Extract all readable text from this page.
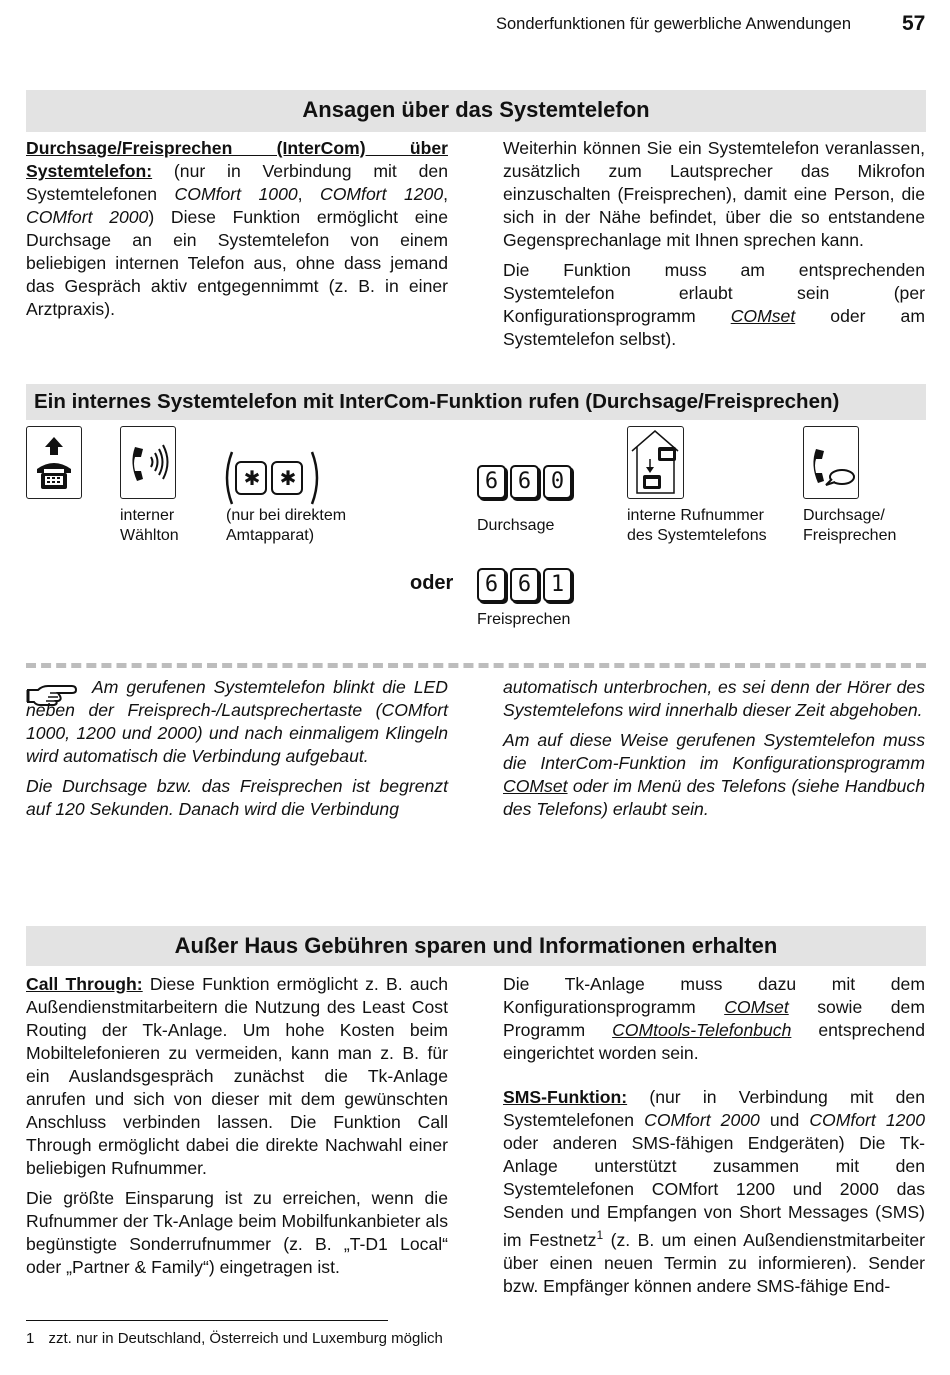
Sonderfunktionen für gewerbliche Anwendungen 57
Ansagen über das Systemtelefon

Durchsage/Freisprechen (InterCom) über Systemtelefon: (nur in Verbindung mit den Systemtelefonen COMfort 1000, COMfort 1200, COMfort 2000) Diese Funktion ermöglicht eine Durchsage an ein Systemtelefon von einem beliebigen internen Telefon aus, ohne dass jemand das Gespräch aktiv entgegennimmt (z. B. in einer Arztpraxis).

Weiterhin können Sie ein Systemtelefon veranlassen, zusätzlich zum Lautsprecher das Mikrofon einzuschalten (Freisprechen), damit eine Person, die sich in der Nähe befindet, über die so entstandene Gegensprechanlage mit Ihnen sprechen kann.

Die Funktion muss am entsprechenden Systemtelefon erlaubt sein (per Konfigurationsprogramm COMset oder am Systemtelefon selbst).

Ein internes Systemtelefon mit InterCom-Funktion rufen (Durchsage/Freisprechen)
interner
Wählton
✱ ✱
(nur bei direktem
Amtapparat)
6 6 0
Durchsage
interne Rufnummer
des Systemtelefons
Durchsage/
Freisprechen
oder	6 6 1
Freisprechen

Am gerufenen Systemtelefon blinkt die LED neben der Freisprech-/Lautsprechertaste (COMfort 1000, 1200 und 2000) und nach einmaligem Klingeln wird automatisch die Verbindung aufgebaut.

Die Durchsage bzw. das Freisprechen ist begrenzt auf 120 Sekunden. Danach wird die Verbindung

automatisch unterbrochen, es sei denn der Hörer des Systemtelefons wird innerhalb dieser Zeit abgehoben.

Am auf diese Weise gerufenen Systemtelefon muss die InterCom-Funktion im Konfigurationsprogramm COMset oder im Menü des Telefons (siehe Handbuch des Telefons) erlaubt sein.

Außer Haus Gebühren sparen und Informationen erhalten

Call Through: Diese Funktion ermöglicht z. B. auch Außendienstmitarbeitern die Nutzung des Least Cost Routing der Tk-Anlage. Um hohe Kosten beim Mobiltelefonieren zu vermeiden, kann man z. B. für ein Auslandsgespräch zunächst die Tk-Anlage anrufen und sich von dieser mit dem gewünschten Anschluss verbinden lassen. Die Funktion Call Through ermöglicht dabei die direkte Nachwahl einer beliebigen Rufnummer.

Die größte Einsparung ist zu erreichen, wenn die Rufnummer der Tk-Anlage beim Mobilfunkanbieter als begünstigte Sonderrufnummer (z. B. „T-D1 Local“ oder „Partner & Family“) eingetragen ist.

Die Tk-Anlage muss dazu mit dem Konfigurationsprogramm COMset sowie dem Programm COMtools-Telefonbuch entsprechend eingerichtet worden sein.

SMS-Funktion: (nur in Verbindung mit den Systemtelefonen COMfort 2000 und COMfort 1200 oder anderen SMS-fähigen Endgeräten) Die Tk-Anlage unterstützt zusammen mit den Systemtelefonen COMfort 1200 und 2000 das Senden und Empfangen von Short Messages (SMS) im Festnetz$^1$ (z. B. um einen Außendienstmitarbeiter über einen neuen Termin zu informieren). Sender bzw. Empfänger können andere SMS-fähige End-

1 zzt. nur in Deutschland, Österreich und Luxemburg möglich
